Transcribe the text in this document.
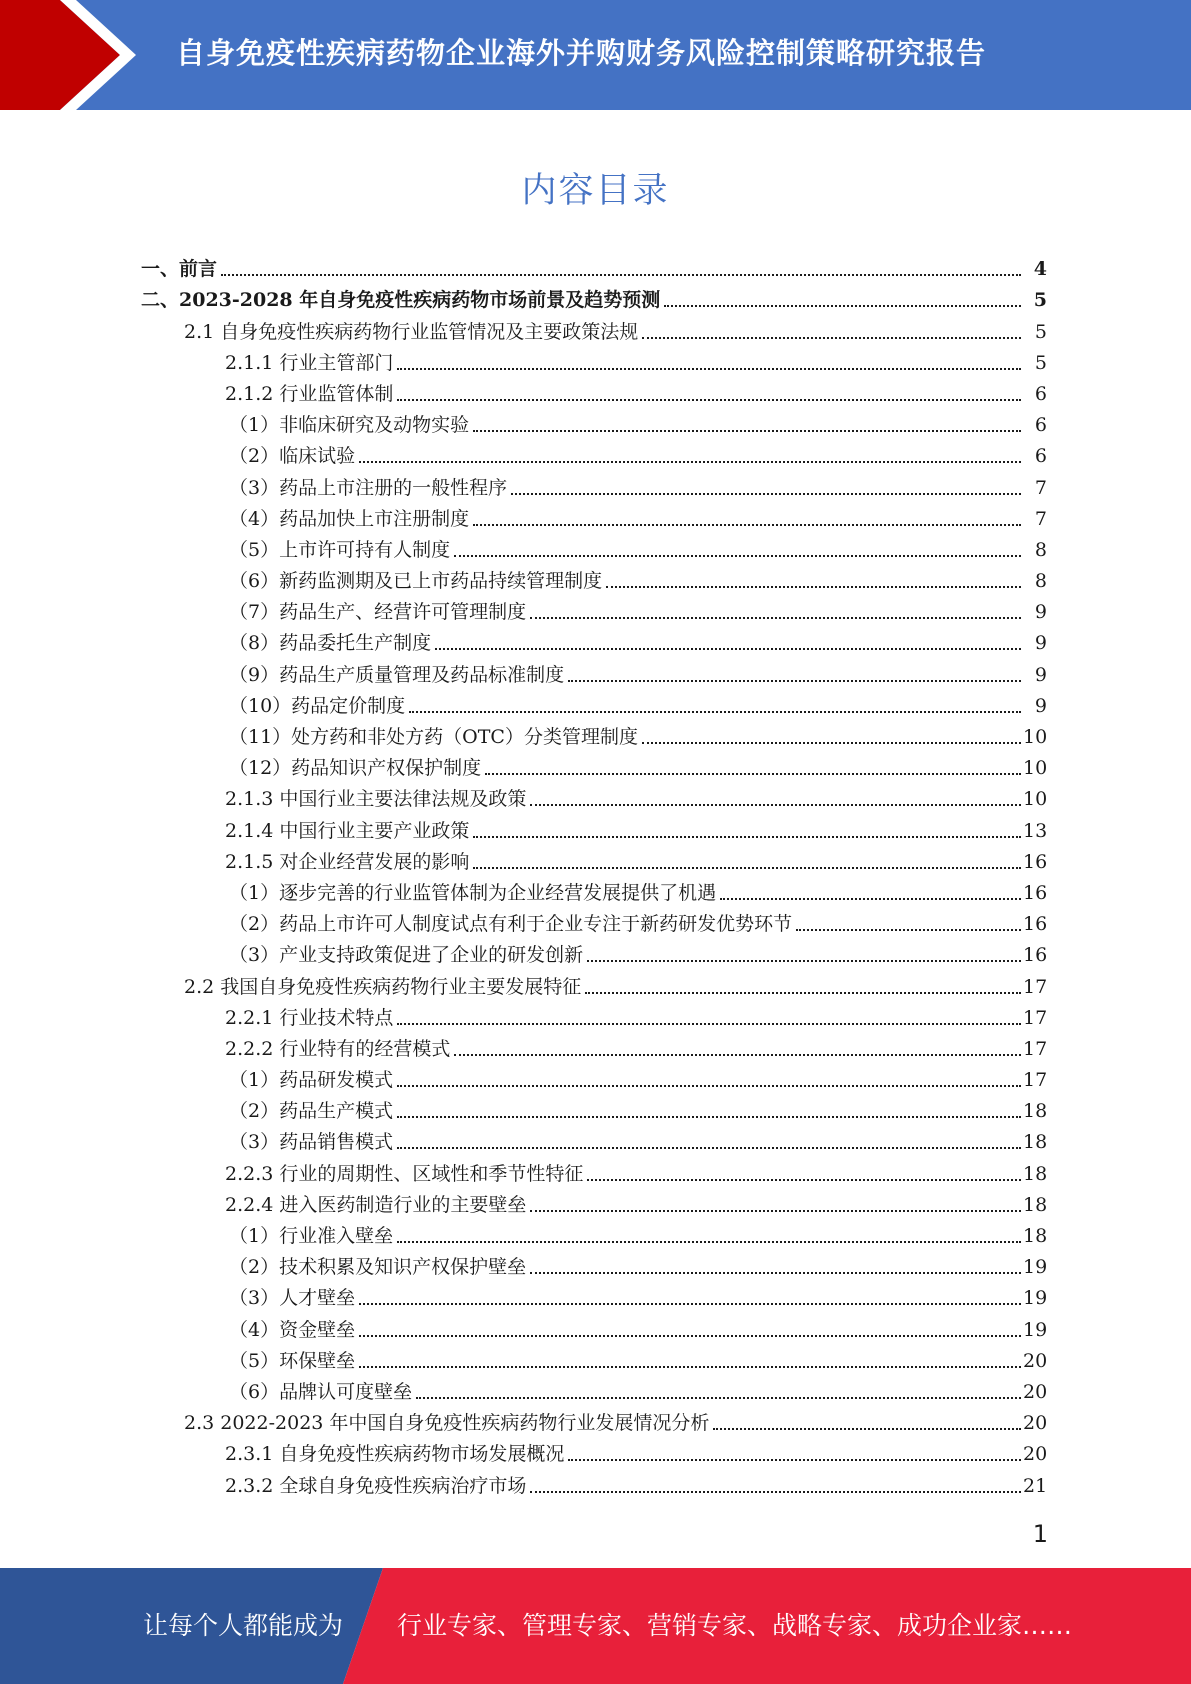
自身免疫性疾病药物企业海外并购财务风险控制策略研究报告
内容目录
一、前言	4
二、2023-2028 年自身免疫性疾病药物市场前景及趋势预测	5
2.1 自身免疫性疾病药物行业监管情况及主要政策法规	5
2.1.1 行业主管部门	5
2.1.2 行业监管体制	6
（1）非临床研究及动物实验	6
（2）临床试验	6
（3）药品上市注册的一般性程序	7
（4）药品加快上市注册制度	7
（5）上市许可持有人制度	8
（6）新药监测期及已上市药品持续管理制度	8
（7）药品生产、经营许可管理制度	9
（8）药品委托生产制度	9
（9）药品生产质量管理及药品标准制度	9
（10）药品定价制度	9
（11）处方药和非处方药（OTC）分类管理制度	10
（12）药品知识产权保护制度	10
2.1.3 中国行业主要法律法规及政策	10
2.1.4 中国行业主要产业政策	13
2.1.5 对企业经营发展的影响	16
（1）逐步完善的行业监管体制为企业经营发展提供了机遇	16
（2）药品上市许可人制度试点有利于企业专注于新药研发优势环节	16
（3）产业支持政策促进了企业的研发创新	16
2.2 我国自身免疫性疾病药物行业主要发展特征	17
2.2.1 行业技术特点	17
2.2.2 行业特有的经营模式	17
（1）药品研发模式	17
（2）药品生产模式	18
（3）药品销售模式	18
2.2.3 行业的周期性、区域性和季节性特征	18
2.2.4 进入医药制造行业的主要壁垒	18
（1）行业准入壁垒	18
（2）技术积累及知识产权保护壁垒	19
（3）人才壁垒	19
（4）资金壁垒	19
（5）环保壁垒	20
（6）品牌认可度壁垒	20
2.3 2022-2023 年中国自身免疫性疾病药物行业发展情况分析	20
2.3.1 自身免疫性疾病药物市场发展概况	20
2.3.2 全球自身免疫性疾病治疗市场	21
1
让每个人都能成为 行业专家、管理专家、营销专家、战略专家、成功企业家……
